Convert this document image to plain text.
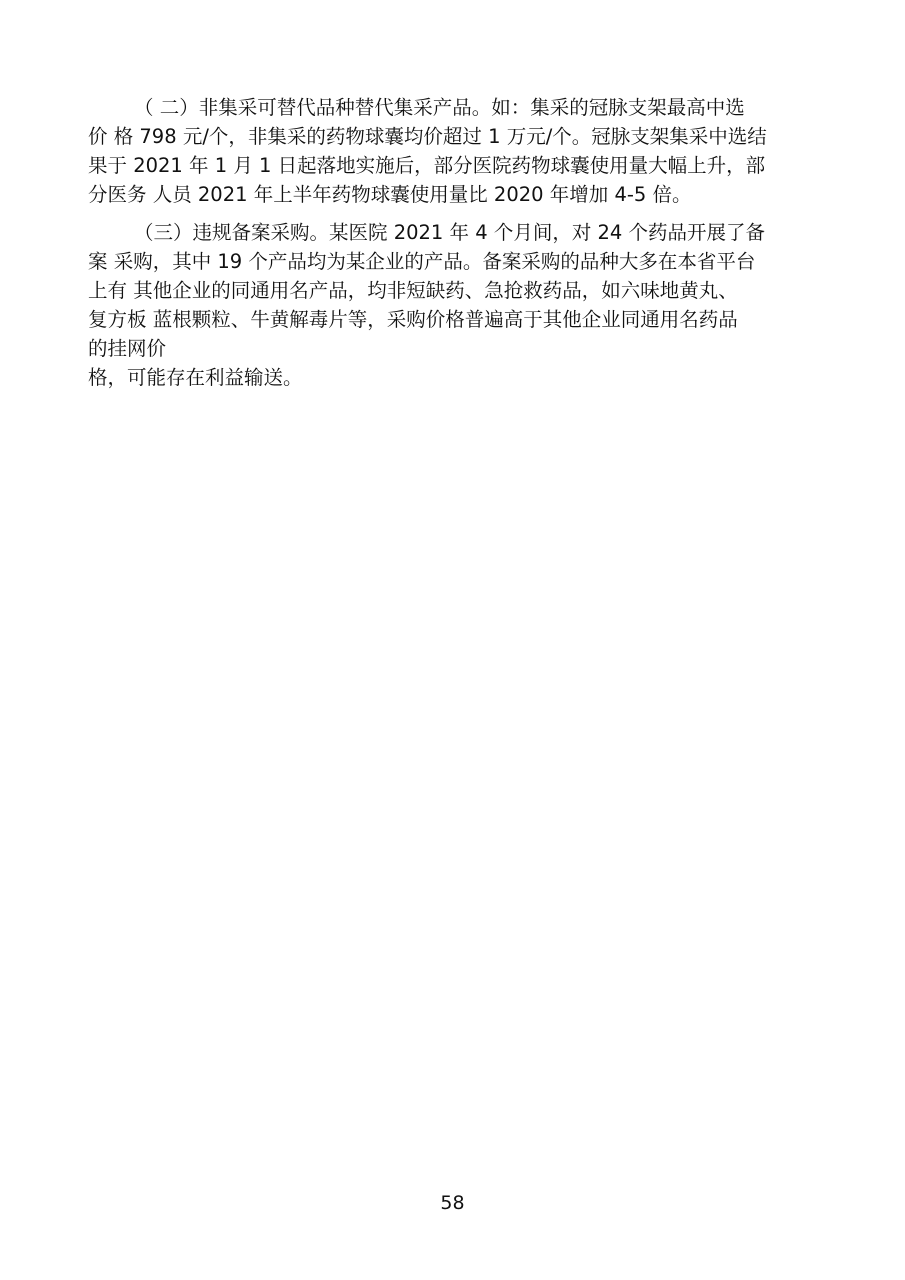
（ 二）非集采可替代品种替代集采产品。如：集采的冠脉支架最高中选
价 格 798 元/个，非集采的药物球囊均价超过 1 万元/个。冠脉支架集采中选结
果于 2021 年 1 月 1 日起落地实施后，部分医院药物球囊使用量大幅上升，部
分医务 人员 2021 年上半年药物球囊使用量比 2020 年增加 4-5 倍。
（三）违规备案采购。某医院 2021 年 4 个月间，对 24 个药品开展了备
案 采购，其中 19 个产品均为某企业的产品。备案采购的品种大多在本省平台
上有 其他企业的同通用名产品，均非短缺药、急抢救药品，如六味地黄丸、
复方板 蓝根颗粒、牛黄解毒片等，采购价格普遍高于其他企业同通用名药品
的挂网价
格，可能存在利益输送。
58
